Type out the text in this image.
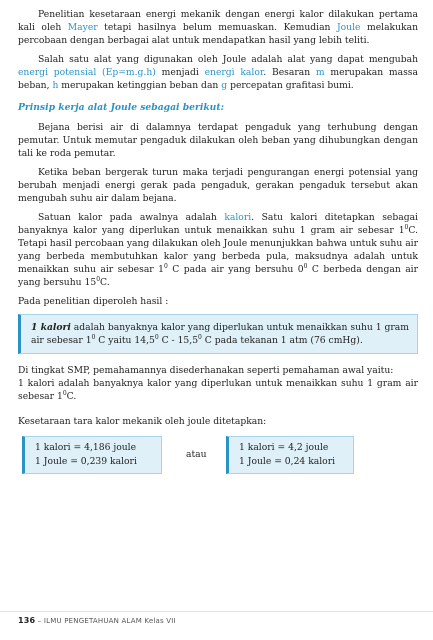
Penelitian kesetaraan energi mekanik dengan energi kalor dilakukan pertama kali oleh Mayer tetapi hasilnya belum memuaskan. Kemudian Joule melakukan percobaan dengan berbagai alat untuk mendapatkan hasil yang lebih teliti.

Salah satu alat yang digunakan oleh Joule adalah alat yang dapat mengubah energi potensial (Ep=m.g.h) menjadi energi kalor. Besaran m merupakan massa beban, h merupakan ketinggian beban dan g percepatan grafitasi bumi.

Prinsip kerja alat Joule sebagai berikut:

Bejana berisi air di dalamnya terdapat pengaduk yang terhubung dengan pemutar. Untuk memutar pengaduk dilakukan oleh beban yang dihubungkan dengan tali ke roda pemutar.

Ketika beban bergerak turun maka terjadi pengurangan energi potensial yang berubah menjadi energi gerak pada pengaduk, gerakan pengaduk tersebut akan mengubah suhu air dalam bejana.

Satuan kalor pada awalnya adalah kalori. Satu kalori ditetapkan sebagai banyaknya kalor yang diperlukan untuk menaikkan suhu 1 gram air sebesar $1^0C$. Tetapi hasil percobaan yang dilakukan oleh Joule menunjukkan bahwa untuk suhu air yang berbeda membutuhkan kalor yang berbeda pula, maksudnya adalah untuk menaikkan suhu air sebesar $1^0$ C pada air yang bersuhu $0^0$ C berbeda dengan air yang bersuhu $15^0C$.

Pada penelitian diperoleh hasil :

1 kalori adalah banyaknya kalor yang diperlukan untuk menaikkan suhu 1 gram air sebesar $1^0$ C yaitu 14,5$^0$ C - 15,5$^0$ C pada tekanan 1 atm (76 cmHg).

Di tingkat SMP, pemahamannya disederhanakan seperti pemahaman awal yaitu:
1 kalori adalah banyaknya kalor yang diperlukan untuk menaikkan suhu 1 gram air sebesar $1^0C$.

Kesetaraan tara kalor mekanik oleh joule ditetapkan:

1 kalori = 4,186 joule
1 Joule = 0,239 kalori
atau
1 kalori = 4,2 joule
1 Joule = 0,24 kalori
136 – ILMU PENGETAHUAN ALAM Kelas VII
